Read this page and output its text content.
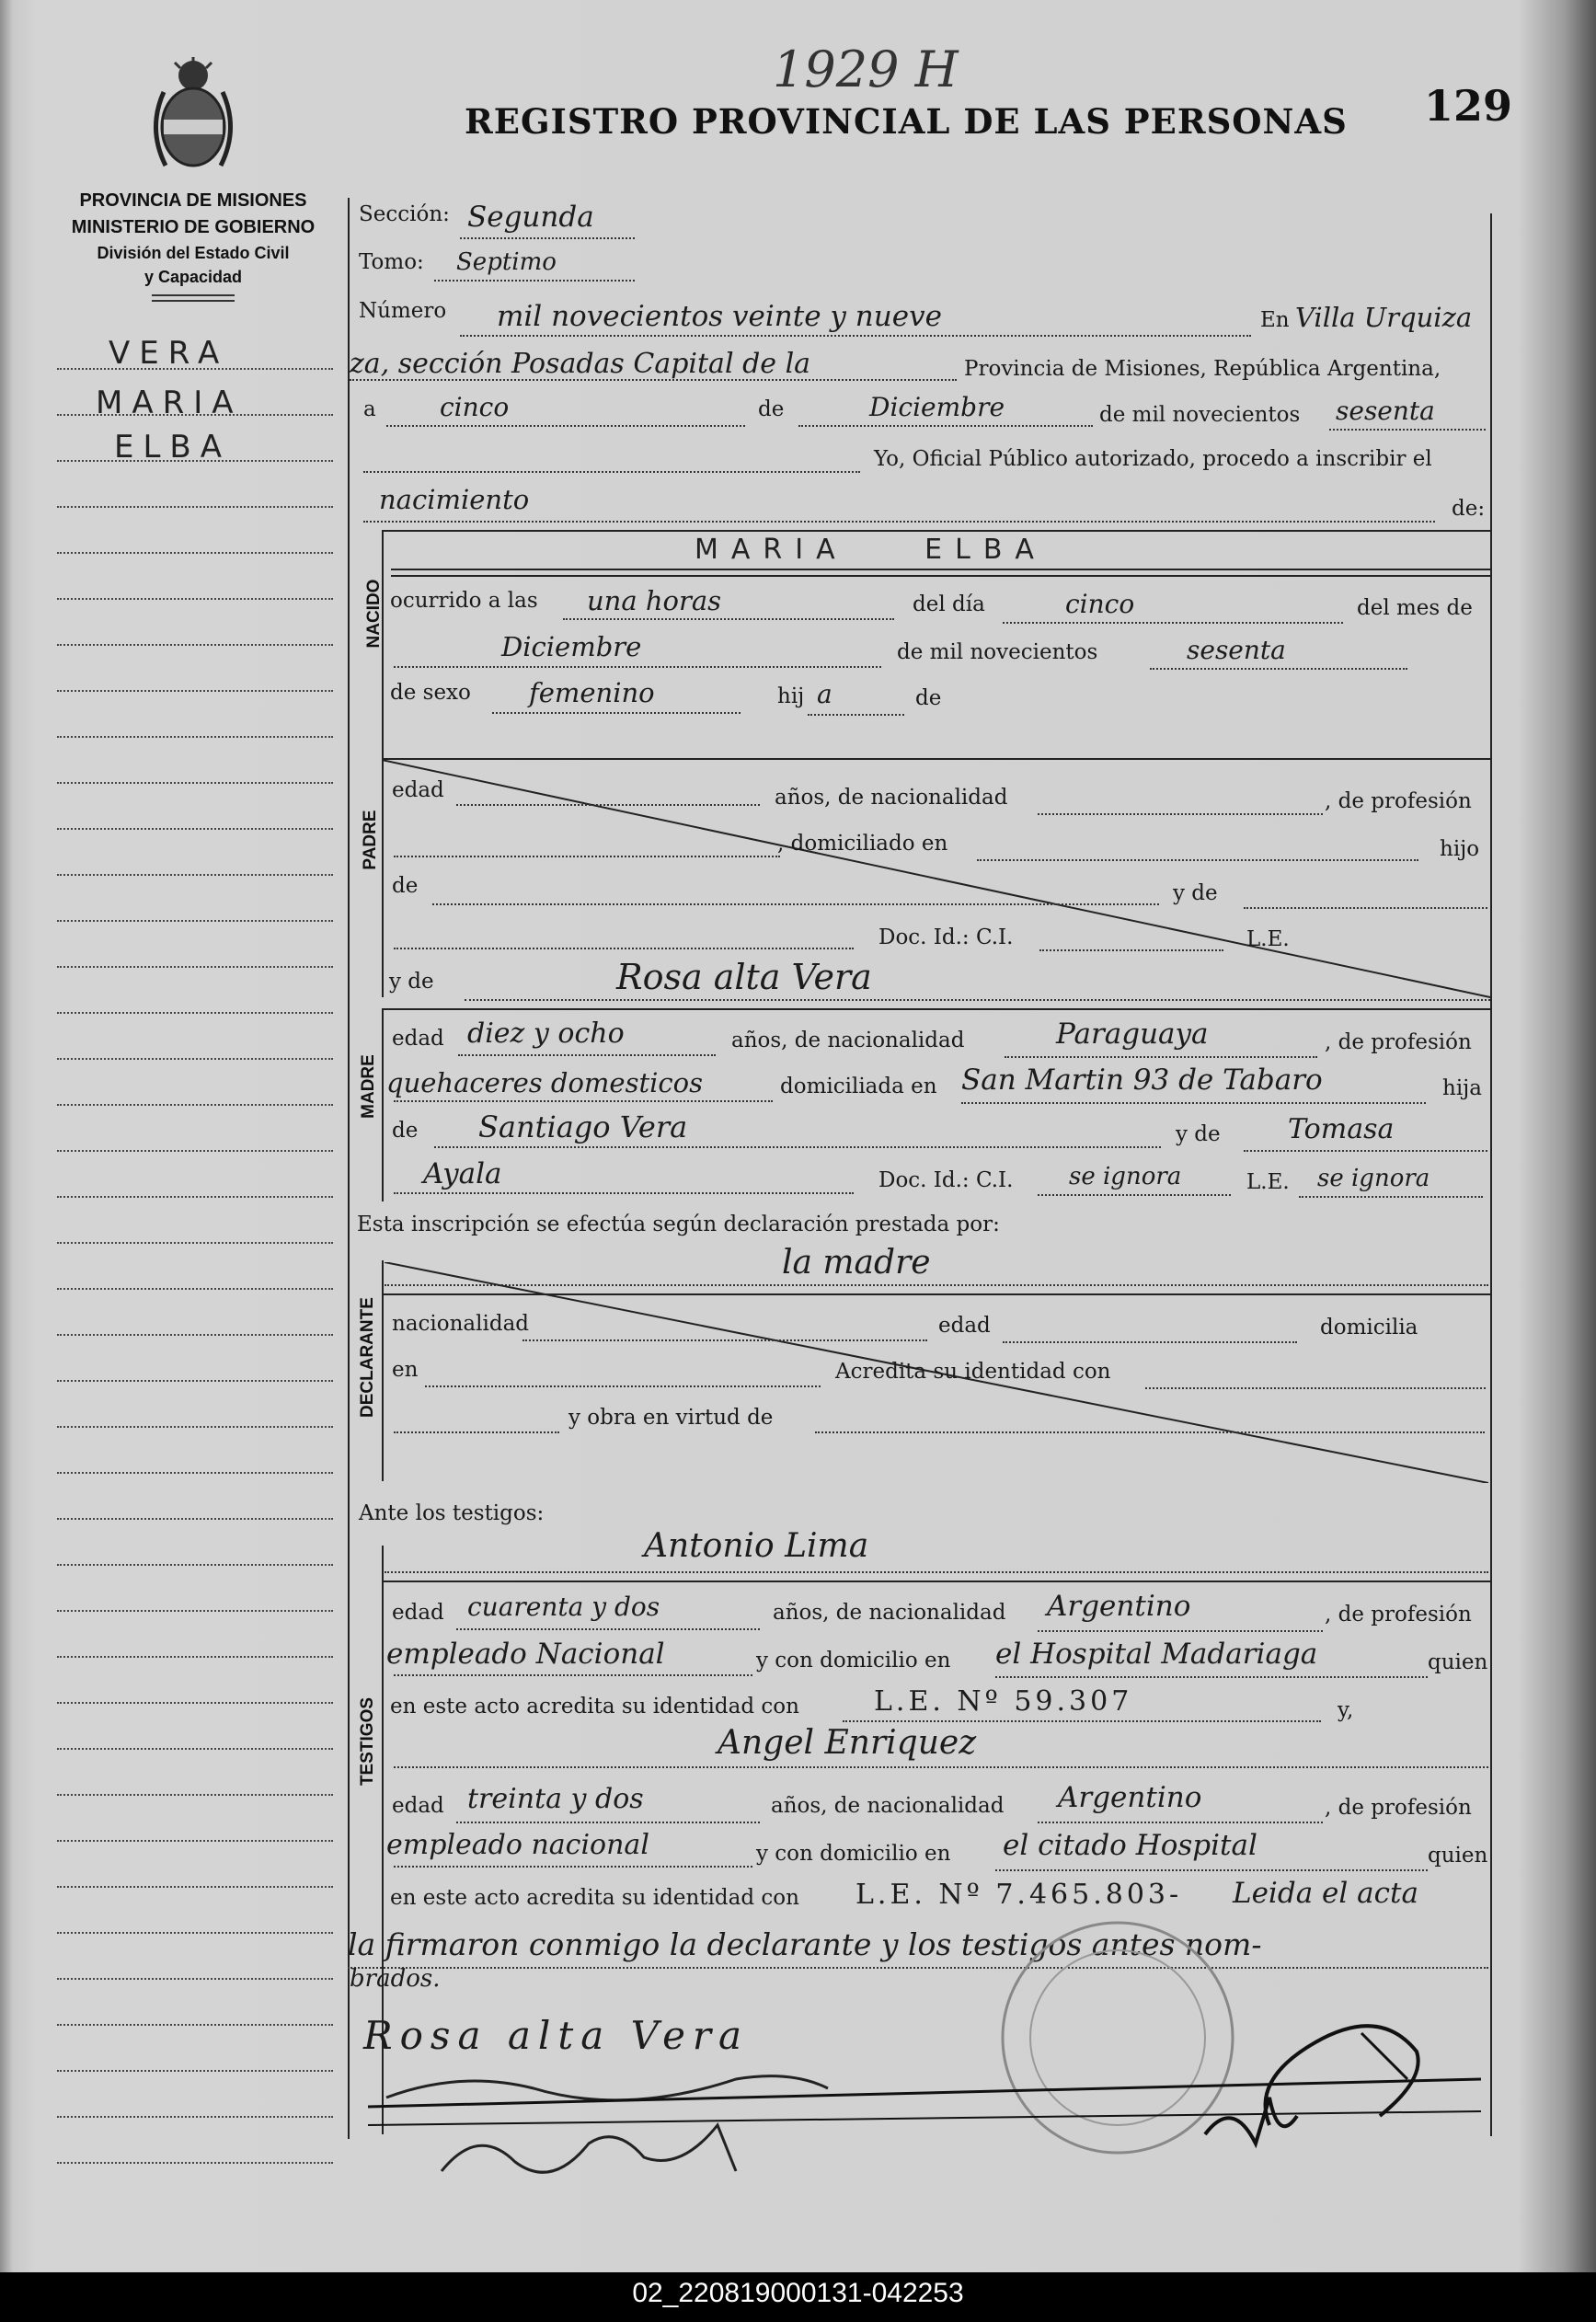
1929 H
REGISTRO PROVINCIAL DE LAS PERSONAS 129
PROVINCIA DE MISIONES
MINISTERIO DE GOBIERNO
División del Estado Civil
y Capacidad
VERA
MARIA
ELBA
Sección: Segunda
Tomo: Septimo
Número mil novecientos veinte y nueve	En Villa Urquiza
za, sección Posadas Capital de la	Provincia de Misiones, República Argentina,
a cinco	de	Diciembre	de mil novecientos sesenta
Yo, Oficial Público autorizado, procedo a inscribir el
nacimiento	de:
NACIDO
MARIA ELBA
ocurrido a las una horas	del día	cinco	del mes de
Diciembre	de mil novecientos	sesenta
de sexo femenino	hij a	de
PADRE
edad	años, de nacionalidad	, de profesión
, domiciliado en	hijo
de	y de
Doc. Id.: C.I.	L.E.
y de	Rosa alta Vera
MADRE
edad diez y ocho	años, de nacionalidad	Paraguaya	, de profesión
quehaceres domesticos	domiciliada en San Martin 93 de Tabaro	hija
de Santiago Vera	y de Tomasa
Ayala	Doc. Id.: C.I. se ignora	L.E. se ignora
Esta inscripción se efectúa según declaración prestada por:
la madre
DECLARANTE nacionalidad	edad	domicilia
en	Acredita su identidad con
y obra en virtud de
Ante los testigos:
Antonio Lima
TESTIGOS
edad cuarenta y dos	años, de nacionalidad Argentino	, de profesión
empleado Nacional	y con domicilio en el Hospital Madariaga	quien
en este acto acredita su identidad con	L.E. Nº 59.307	y,
Angel Enriquez
edad treinta y dos	años, de nacionalidad Argentino	, de profesión
empleado nacional	y con domicilio en el citado Hospital	quien
en este acto acredita su identidad con L.E. Nº 7.465.803- Leida el acta
la firmaron conmigo la declarante y los testigos antes nom-
brados.
Rosa alta Vera
02_220819000131-042253
